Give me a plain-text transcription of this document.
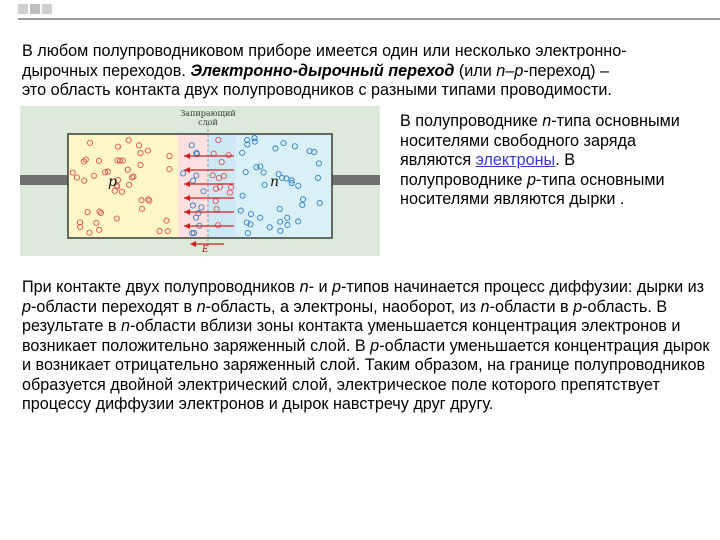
В любом полупроводниковом приборе имеется один или несколько электронно-
дырочных переходов. Электронно-дырочный переход (или n–p-переход) –
это область контакта двух полупроводников с разными типами проводимости.

Запирающий
слой
p	n
E

В полупроводнике n-типа основными носителями свободного заряда являются электроны. В полупроводнике p-типа основными носителями являются дырки .

При контакте двух полупроводников n- и p-типов начинается процесс диффузии: дырки из p-области переходят в n-область, а электроны, наоборот, из n-области в p-область. В результате в n-области вблизи зоны контакта уменьшается концентрация электронов и возникает положительно заряженный слой. В p-области уменьшается концентрация дырок и возникает отрицательно заряженный слой. Таким образом, на границе полупроводников образуется двойной электрический слой, электрическое поле которого препятствует процессу диффузии электронов и дырок навстречу друг другу.
